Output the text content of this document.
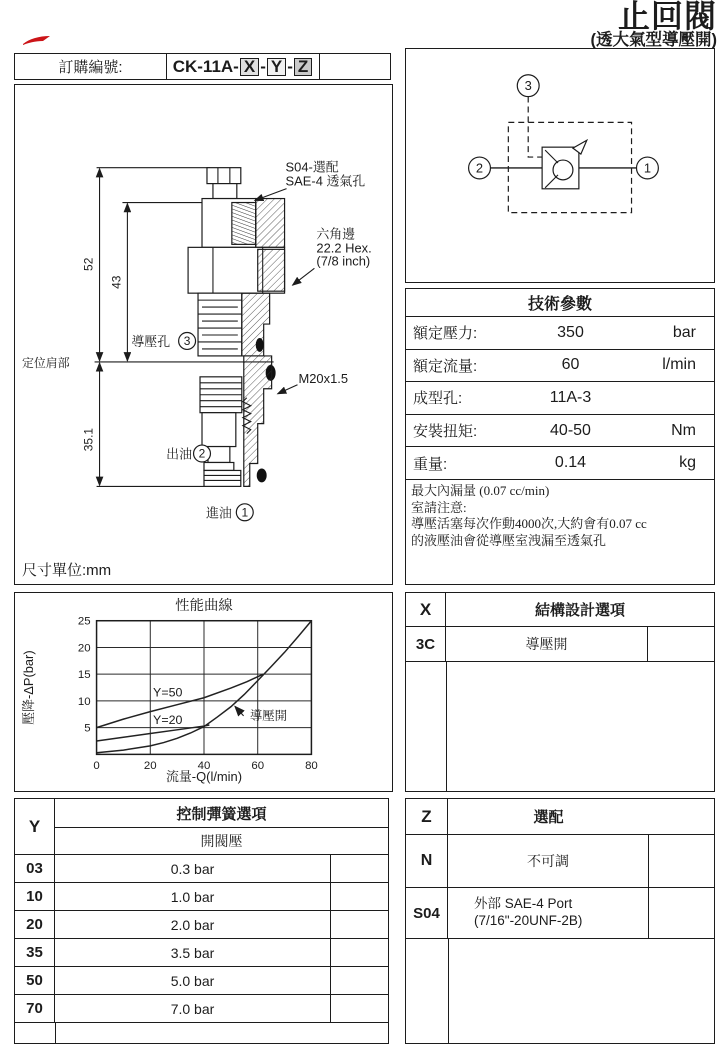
止回閥
(透大氣型導壓開)
訂購編號:	CK-11A- X - Y - Z
52
43
35.1
S04-選配
SAE-4 透氣孔
六角邊
22.2 Hex.
(7/8 inch)
M20x1.5
定位肩部
導壓孔 3
出油 2
進油 1
尺寸單位:mm
3
2	1
技術參數
額定壓力:	350	bar
額定流量:	60	l/min
成型孔:	11A-3
安裝扭矩:	40-50	Nm
重量:	0.14	kg
最大內漏量 (0.07 cc/min)
室請注意:
導壓活塞每次作動4000次,大約會有0.07 cc
的液壓油會從導壓室洩漏至透氣孔
0	20	40	60	80
5
10
15
20
25
Y=50
Y=20	導壓開
性能曲線
流量-Q(l/min)
壓降-ΔP(bar)
X	結構設計選項
3C	導壓開
Y
控制彈簧選項
開閥壓
03	0.3 bar
10	1.0 bar
20	2.0 bar
35	3.5 bar
50	5.0 bar
70	7.0 bar
Z	選配
N	不可調
S04
外部 SAE-4 Port
(7/16"-20UNF-2B)
